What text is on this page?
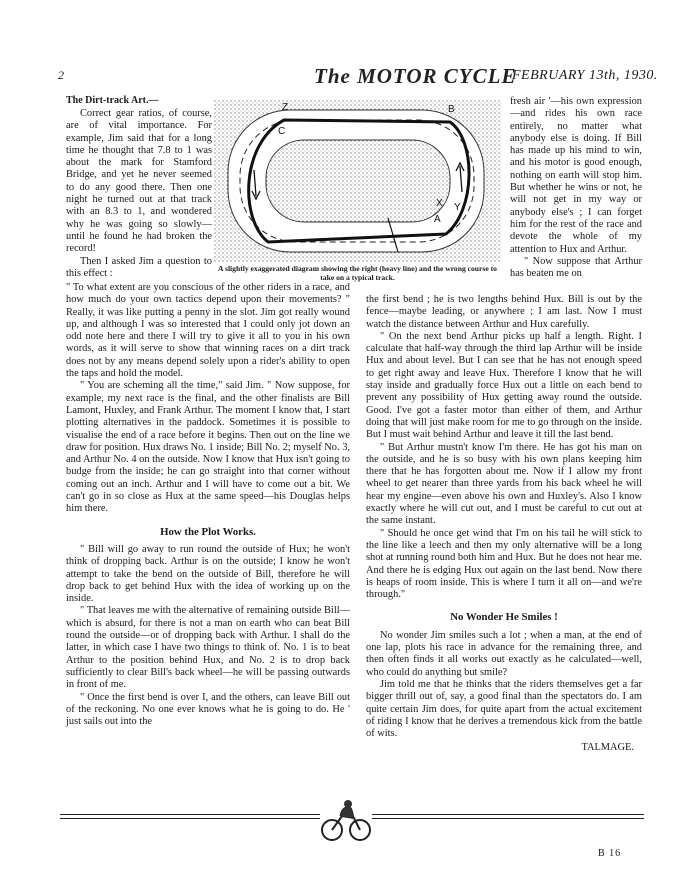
2	The MOTOR CYCLE
FEBRUARY 13th, 1930.
The Dirt-track Art.—

Correct gear ratios, of course, are of vital importance. For example, Jim said that for a long time he thought that 7.8 to 1 was about the mark for Stamford Bridge, and yet he never seemed to do any good there. Then one night he turned out at that track with an 8.3 to 1, and wondered why he was going so slowly—until he found he had broken the record!

Then I asked Jim a question to this effect :

Z	B
C
A
X Y
A slightly exaggerated diagram showing the right (heavy line) and the wrong course to take on a typical track.

fresh air '—his own expression—and rides his own race entirely, no matter what anybody else is doing. If Bill has made up his mind to win, and his motor is good enough, nothing on earth will stop him. But whether he wins or not, he will not get in my way or anybody else's ; I can forget him for the rest of the race and devote the whole of my attention to Hux and Arthur.

" Now suppose that Arthur has beaten me on

" To what extent are you conscious of the other riders in a race, and how much do your own tactics depend upon their movements? " Really, it was like putting a penny in the slot. Jim got really wound up, and although I was so interested that I could only jot down an odd note here and there I will try to give it all to you in his own words, as it will serve to show that winning races on a dirt track does not by any means depend solely upon a rider's ability to open the taps and hold the model.

" You are scheming all the time," said Jim. " Now suppose, for example, my next race is the final, and the other finalists are Bill Lamont, Huxley, and Frank Arthur. The moment I know that, I start plotting alternatives in the paddock. Sometimes it is possible to visualise the end of a race before it begins. Then out on the line we draw for position. Hux draws No. 1 inside; Bill No. 2; myself No. 3, and Arthur No. 4 on the outside. Now I know that Hux isn't going to budge from the inside; he can go straight into that corner without coming out an inch. Arthur and I will have to come out a bit. We can't go in so close as Hux at the same speed—his Douglas helps him there.

How the Plot Works.

" Bill will go away to run round the outside of Hux; he won't think of dropping back. Arthur is on the outside; I know he won't attempt to take the bend on the outside of Bill, therefore he will drop back to get behind Hux with the idea of working up on the inside.

" That leaves me with the alternative of remaining outside Bill—which is absurd, for there is not a man on earth who can beat Bill round the outside—or of dropping back with Arthur. I shall do the latter, in which case I have two things to think of. No. 1 is to beat Arthur to the position behind Hux, and No. 2 is to drop back sufficiently to clear Bill's back wheel—he will be passing outwards in front of me.

" Once the first bend is over I, and the others, can leave Bill out of the reckoning. No one ever knows what he is going to do. He ' just sails out into the

the first bend ; he is two lengths behind Hux. Bill is out by the fence—maybe leading, or anywhere ; I am last. Now I must watch the distance between Arthur and Hux carefully.

" On the next bend Arthur picks up half a length. Right. I calculate that half-way through the third lap Arthur will be inside Hux and about level. But I can see that he has not enough speed to get right away and leave Hux. Therefore I know that he will stay inside and gradually force Hux out a little on each bend to prevent any possibility of Hux getting away round the outside. Good. I've got a faster motor than either of them, and Arthur doing that will just make room for me to go through on the inside. But I must wait behind Arthur and leave it till the last bend.

" But Arthur mustn't know I'm there. He has got his man on the outside, and he is so busy with his own plans keeping him there that he has forgotten about me. Now if I allow my front wheel to get nearer than three yards from his back wheel he will hear my engine—even above his own and Huxley's. Also I know exactly where he will cut out, and I must be careful to cut out at the same instant.

" Should he once get wind that I'm on his tail he will stick to the line like a leech and then my only alternative will be a long shot at running round both him and Hux. But he does not hear me. And there he is edging Hux out again on the last bend. Now there is heaps of room inside. This is where I turn it all on—and we're through."

No Wonder He Smiles !

No wonder Jim smiles such a lot ; when a man, at the end of one lap, plots his race in advance for the remaining three, and then often finds it all works out exactly as he calculated—well, who could do anything but smile?

Jim told me that he thinks that the riders themselves get a far bigger thrill out of, say, a good final than the spectators do. I am quite certain Jim does, for quite apart from the actual excitement of riding I know that he derives a tremendous kick from the battle of wits.

TALMAGE.
B 16
